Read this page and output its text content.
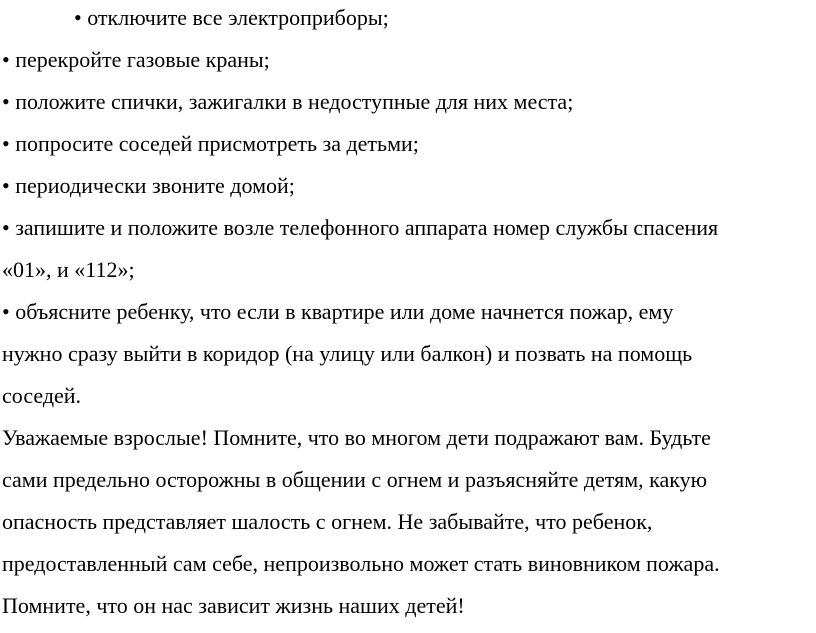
• отключите все электроприборы;
• перекройте газовые краны;
• положите спички, зажигалки в недоступные для них места;
• попросите соседей присмотреть за детьми;
• периодически звоните домой;
• запишите и положите возле телефонного аппарата номер службы спасения
«01», и «112»;
• объясните ребенку, что если в квартире или доме начнется пожар, ему
нужно сразу выйти в коридор (на улицу или балкон) и позвать на помощь
соседей.
Уважаемые взрослые! Помните, что во многом дети подражают вам. Будьте
сами предельно осторожны в общении с огнем и разъясняйте детям, какую
опасность представляет шалость с огнем. Не забывайте, что ребенок,
предоставленный сам себе, непроизвольно может стать виновником пожара.
Помните, что он нас зависит жизнь наших детей!
